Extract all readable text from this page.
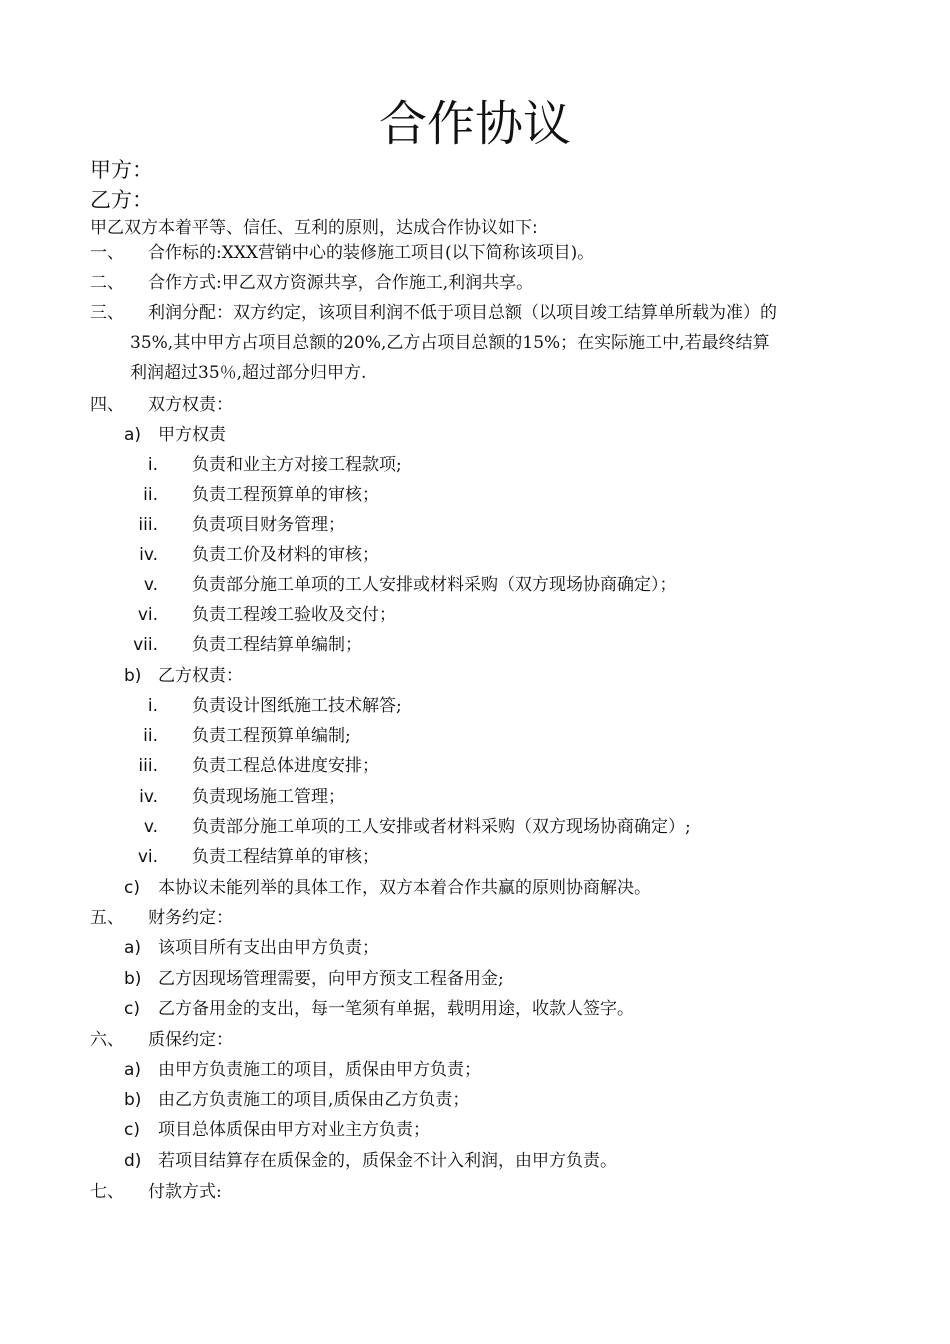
合作协议
甲方：
乙方：
甲乙双方本着平等、信任、互利的原则，达成合作协议如下:
一、 合作标的:XXX营销中心的装修施工项目(以下简称该项目)。
二、 合作方式:甲乙双方资源共享，合作施工,利润共享。
三、 利润分配：双方约定，该项目利润不低于项目总额（以项目竣工结算单所载为准）的
35%,其中甲方占项目总额的20%,乙方占项目总额的15%；在实际施工中,若最终结算
利润超过35％,超过部分归甲方.
四、 双方权责：
a) 甲方权责
i. 负责和业主方对接工程款项;
ii. 负责工程预算单的审核；
iii. 负责项目财务管理；
iv. 负责工价及材料的审核；
v. 负责部分施工单项的工人安排或材料采购（双方现场协商确定）；
vi. 负责工程竣工验收及交付；
vii. 负责工程结算单编制；
b) 乙方权责：
i. 负责设计图纸施工技术解答;
ii. 负责工程预算单编制;
iii. 负责工程总体进度安排；
iv. 负责现场施工管理；
v. 负责部分施工单项的工人安排或者材料采购（双方现场协商确定）;
vi. 负责工程结算单的审核；
c) 本协议未能列举的具体工作，双方本着合作共赢的原则协商解决。
五、 财务约定：
a) 该项目所有支出由甲方负责；
b) 乙方因现场管理需要，向甲方预支工程备用金;
c) 乙方备用金的支出，每一笔须有单据，载明用途，收款人签字。
六、 质保约定：
a) 由甲方负责施工的项目，质保由甲方负责；
b) 由乙方负责施工的项目,质保由乙方负责；
c) 项目总体质保由甲方对业主方负责；
d) 若项目结算存在质保金的，质保金不计入利润，由甲方负责。
七、 付款方式:
